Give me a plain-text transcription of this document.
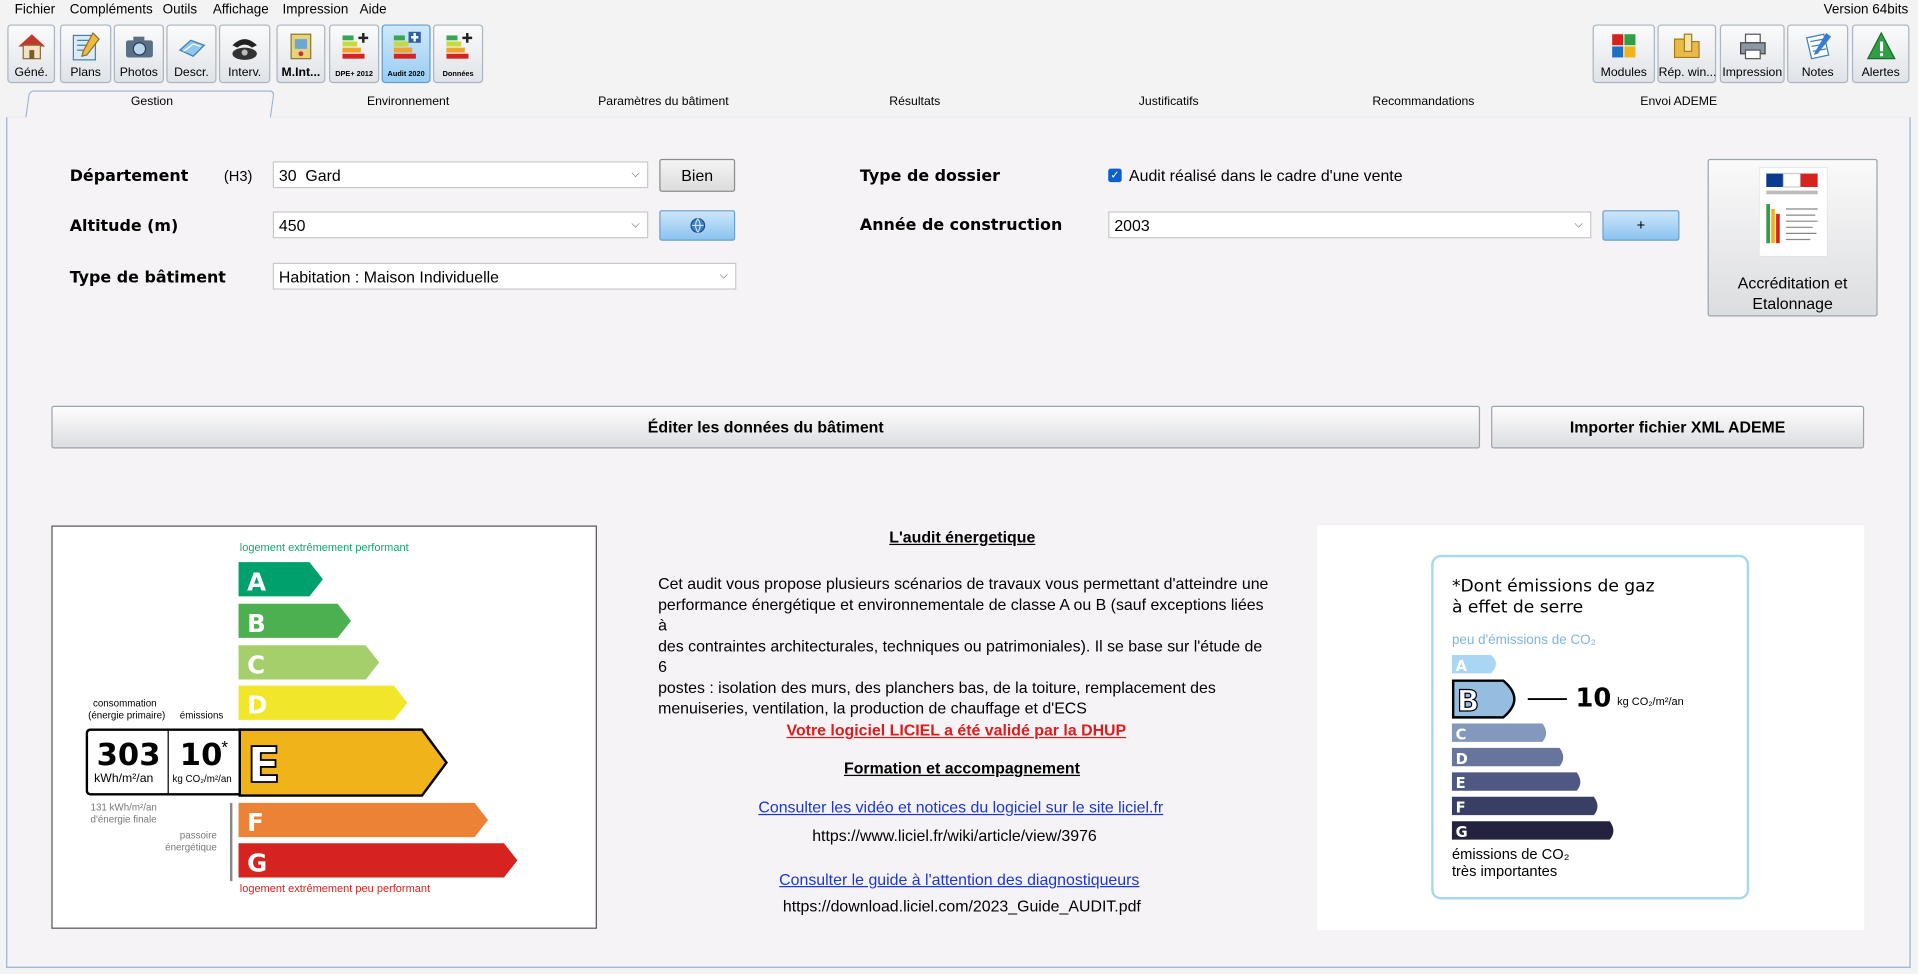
Fichier Compléments Outils Affichage Impression Aide	Version 64bits
Géné.	Plans	Photos	Descr.	Interv.	M.Int...	DPE+ 2012	Audit 2020	Données	Modules	Rép. win... Impression	Notes	Alertes
Gestion	Environnement	Paramètres du bâtiment	Résultats	Justificatifs	Recommandations	Envoi ADEME
Département	(H3)	30  Gard	⌵	Bien
Altitude (m)	450	⌵
Type de bâtiment	Habitation : Maison Individuelle	⌵
Type de dossier	✓ Audit réalisé dans le cadre d'une vente
Année de construction	2003	⌵	+
Accréditation et Etalonnage
Éditer les données du bâtiment	Importer fichier XML ADEME
logement extrêmement performant
A
B
C
D
E
F
G
logement extrêmement peu performant
consommation
(énergie primaire) émissions
303
kWh/m²/an
10 *
kg CO₂/m²/an
131 kWh/m²/an
d'énergie finale
passoire
énergétique
L'audit énergetique
Cet audit vous propose plusieurs scénarios de travaux vous permettant d'atteindre une
performance énergétique et environnementale de classe A ou B (sauf exceptions liées à
des contraintes architecturales, techniques ou patrimoniales). Il se base sur l'étude de 6
postes : isolation des murs, des planchers bas, de la toiture, remplacement des
menuiseries, ventilation, la production de chauffage et d'ECS
Votre logiciel LICIEL a été validé par la DHUP
Formation et accompagnement
Consulter les vidéo et notices du logiciel sur le site liciel.fr
https://www.liciel.fr/wiki/article/view/3976
Consulter le guide à l'attention des diagnostiqueurs
https://download.liciel.com/2023_Guide_AUDIT.pdf
*Dont émissions de gaz
à effet de serre
peu d'émissions de CO₂
A
B
C
D
E
F
G
10 kg CO₂/m²/an
émissions de CO₂
très importantes
